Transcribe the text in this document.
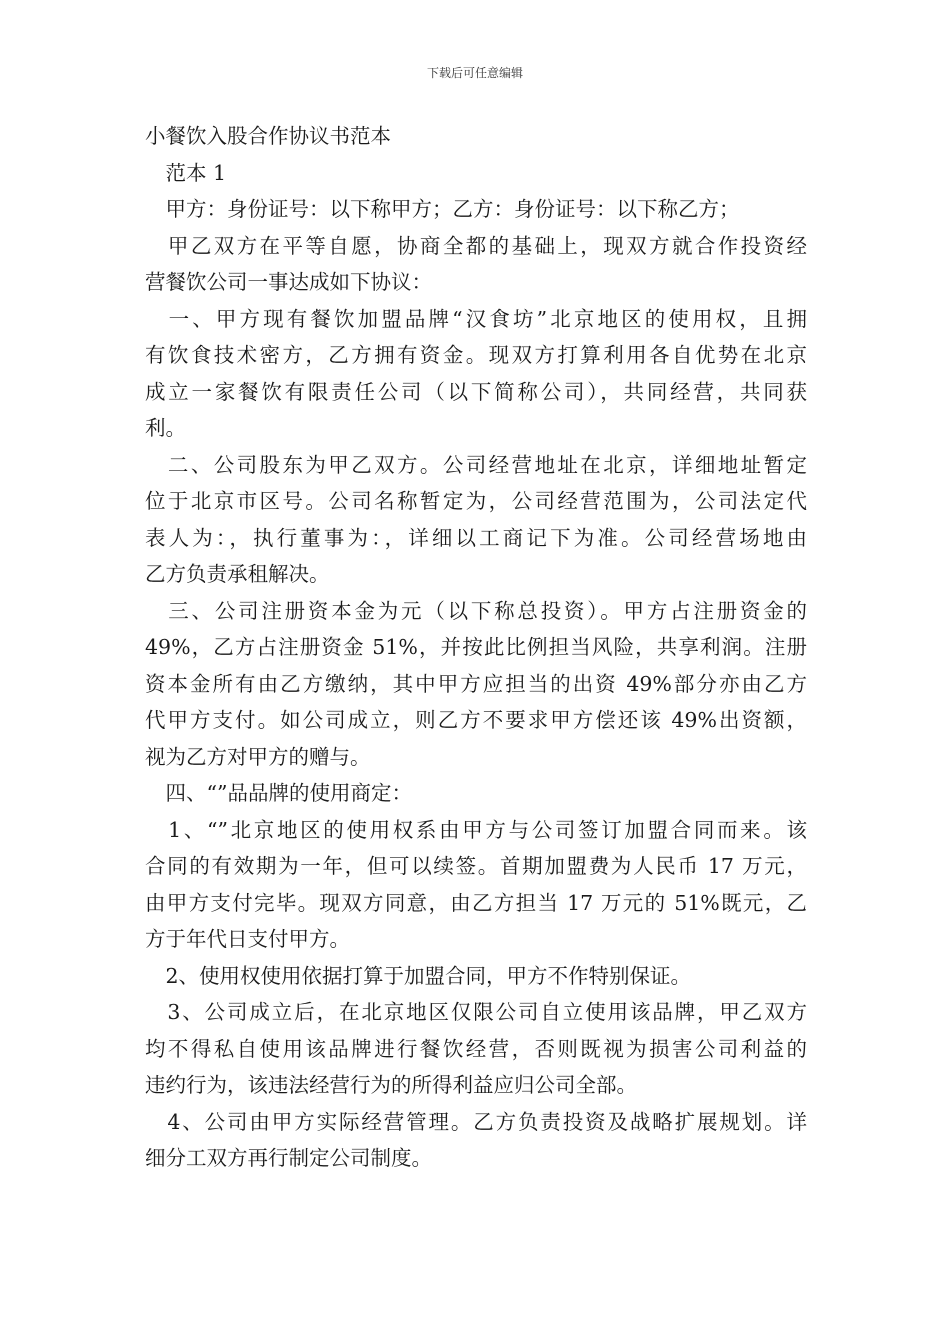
下载后可任意编辑
小餐饮入股合作协议书范本
　范本 1
　甲方：身份证号：以下称甲方；乙方：身份证号：以下称乙方；
　甲乙双方在平等自愿，协商全都的基础上，现双方就合作投资经
营餐饮公司一事达成如下协议：
　一、甲方现有餐饮加盟品牌“汉食坊”北京地区的使用权，且拥
有饮食技术密方，乙方拥有资金。现双方打算利用各自优势在北京
成立一家餐饮有限责任公司（以下简称公司），共同经营，共同获
利。
　二、公司股东为甲乙双方。公司经营地址在北京，详细地址暂定
位于北京市区号。公司名称暂定为，公司经营范围为，公司法定代
表人为：，执行董事为：，详细以工商记下为准。公司经营场地由
乙方负责承租解决。
　三、公司注册资本金为元（以下称总投资）。甲方占注册资金的
49%，乙方占注册资金 51%，并按此比例担当风险，共享利润。注册
资本金所有由乙方缴纳，其中甲方应担当的出资 49%部分亦由乙方
代甲方支付。如公司成立，则乙方不要求甲方偿还该 49%出资额，
视为乙方对甲方的赠与。
　四、“”品品牌的使用商定：
　1、“”北京地区的使用权系由甲方与公司签订加盟合同而来。该
合同的有效期为一年，但可以续签。首期加盟费为人民币 17 万元，
由甲方支付完毕。现双方同意，由乙方担当 17 万元的 51%既元，乙
方于年代日支付甲方。
　2、使用权使用依据打算于加盟合同，甲方不作特别保证。
　3、公司成立后，在北京地区仅限公司自立使用该品牌，甲乙双方
均不得私自使用该品牌进行餐饮经营，否则既视为损害公司利益的
违约行为，该违法经营行为的所得利益应归公司全部。
　4、公司由甲方实际经营管理。乙方负责投资及战略扩展规划。详
细分工双方再行制定公司制度。
